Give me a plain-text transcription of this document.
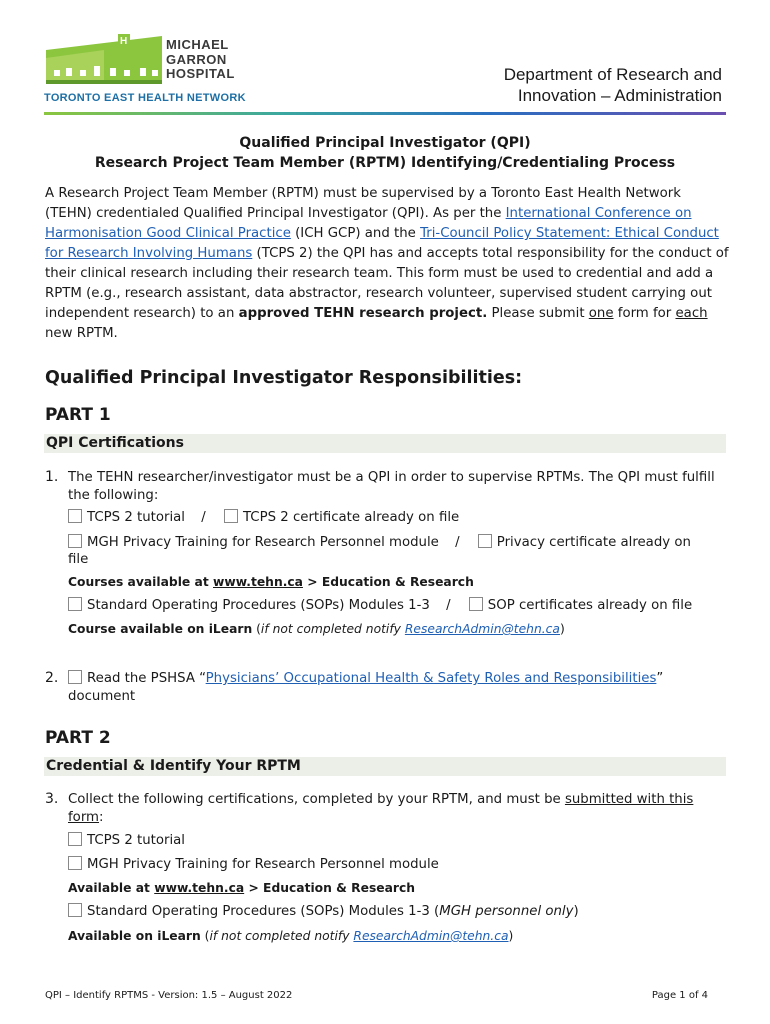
H	MICHAEL
GARRON
HOSPITAL
TORONTO EAST HEALTH NETWORK
Department of Research and
Innovation – Administration
Qualified Principal Investigator (QPI)
Research Project Team Member (RPTM) Identifying/Credentialing Process
A Research Project Team Member (RPTM) must be supervised by a Toronto East Health Network (TEHN) credentialed Qualified Principal Investigator (QPI). As per the International Conference on Harmonisation Good Clinical Practice (ICH GCP) and the Tri-Council Policy Statement: Ethical Conduct for Research Involving Humans (TCPS 2) the QPI has and accepts total responsibility for the conduct of their clinical research including their research team. This form must be used to credential and add a RPTM (e.g., research assistant, data abstractor, research volunteer, supervised student carrying out independent research) to an approved TEHN research project. Please submit one form for each new RPTM.
Qualified Principal Investigator Responsibilities:
PART 1
QPI Certifications
1. The TEHN researcher/investigator must be a QPI in order to supervise RPTMs. The QPI must fulfill the following:
TCPS 2 tutorial /	TCPS 2 certificate already on file
MGH Privacy Training for Research Personnel module /	Privacy certificate already on
file
Courses available at www.tehn.ca > Education & Research
Standard Operating Procedures (SOPs) Modules 1-3 /	SOP certificates already on file
Course available on iLearn (if not completed notify ResearchAdmin@tehn.ca)
2.	Read the PSHSA “Physicians’ Occupational Health & Safety Roles and Responsibilities”
document
PART 2
Credential & Identify Your RPTM
3. Collect the following certifications, completed by your RPTM, and must be submitted with this form:
TCPS 2 tutorial
MGH Privacy Training for Research Personnel module
Available at www.tehn.ca > Education & Research
Standard Operating Procedures (SOPs) Modules 1-3 (MGH personnel only)
Available on iLearn (if not completed notify ResearchAdmin@tehn.ca)
QPI – Identify RPTMS - Version: 1.5 – August 2022	Page 1 of 4
